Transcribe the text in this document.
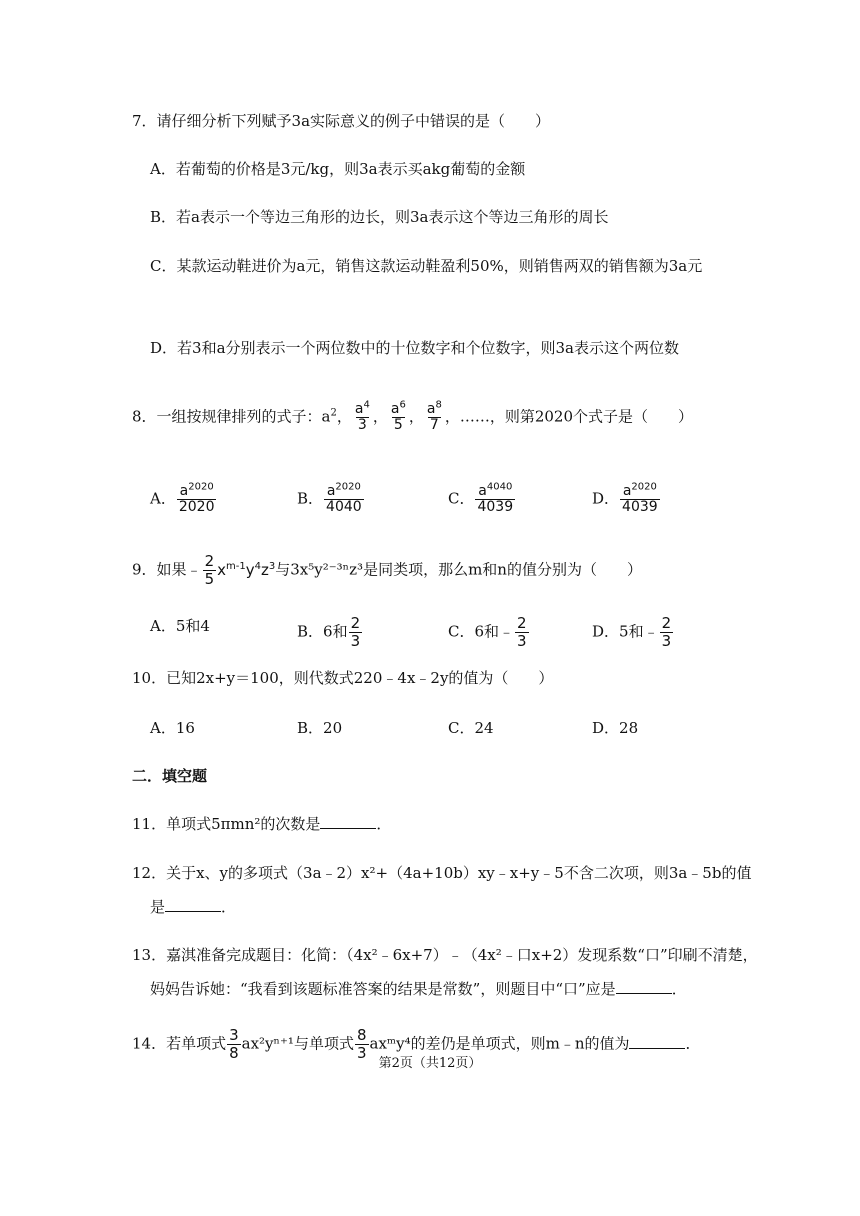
7．请仔细分析下列赋予3a实际意义的例子中错误的是（　　）
A．若葡萄的价格是3元/kg，则3a表示买akg葡萄的金额
B．若a表示一个等边三角形的边长，则3a表示这个等边三角形的周长
C．某款运动鞋进价为a元，销售这款运动鞋盈利50%，则销售两双的销售额为3a元
D．若3和a分别表示一个两位数中的十位数字和个位数字，则3a表示这个两位数
8．一组按规律排列的式子：$a^2$， $\frac{a^4}{3}$ ， $\frac{a^6}{5}$ ， $\frac{a^8}{7}$ ，……，则第2020个式子是（　　）
A． $\frac{a^{2020}}{2020}$	B． $\frac{a^{2020}}{4040}$	C． $\frac{a^{4040}}{4039}$	D． $\frac{a^{2020}}{4039}$
9．如果﹣ $\frac{2}{5} x^{m-1}y^4z^3$与3x⁵y²⁻³ⁿz³是同类项，那么m和n的值分别为（　　）
A．5和4	B．6和 $\frac{2}{3}$	C．6和﹣ $\frac{2}{3}$	D．5和﹣ $\frac{2}{3}$
10．已知2x+y＝100，则代数式220﹣4x﹣2y的值为（　　）
A．16	B．20	C．24	D．28
二．填空题
11．单项式5πmn²的次数是	．
12．关于x、y的多项式（3a﹣2）x²+（4a+10b）xy﹣x+y﹣5不含二次项，则3a﹣5b的值
是	．
13．嘉淇准备完成题目：化简：（4x²﹣6x+7）﹣（4x²﹣口x+2）发现系数“口”印刷不清楚，
妈妈告诉她：“我看到该题标准答案的结果是常数”，则题目中“口”应是	．
14．若单项式 $\frac{3}{8} ax^2y^{n+1}$与单项式 $\frac{8}{3}$ axᵐy⁴的差仍是单项式，则m﹣n的值为	．
第2页（共12页）
